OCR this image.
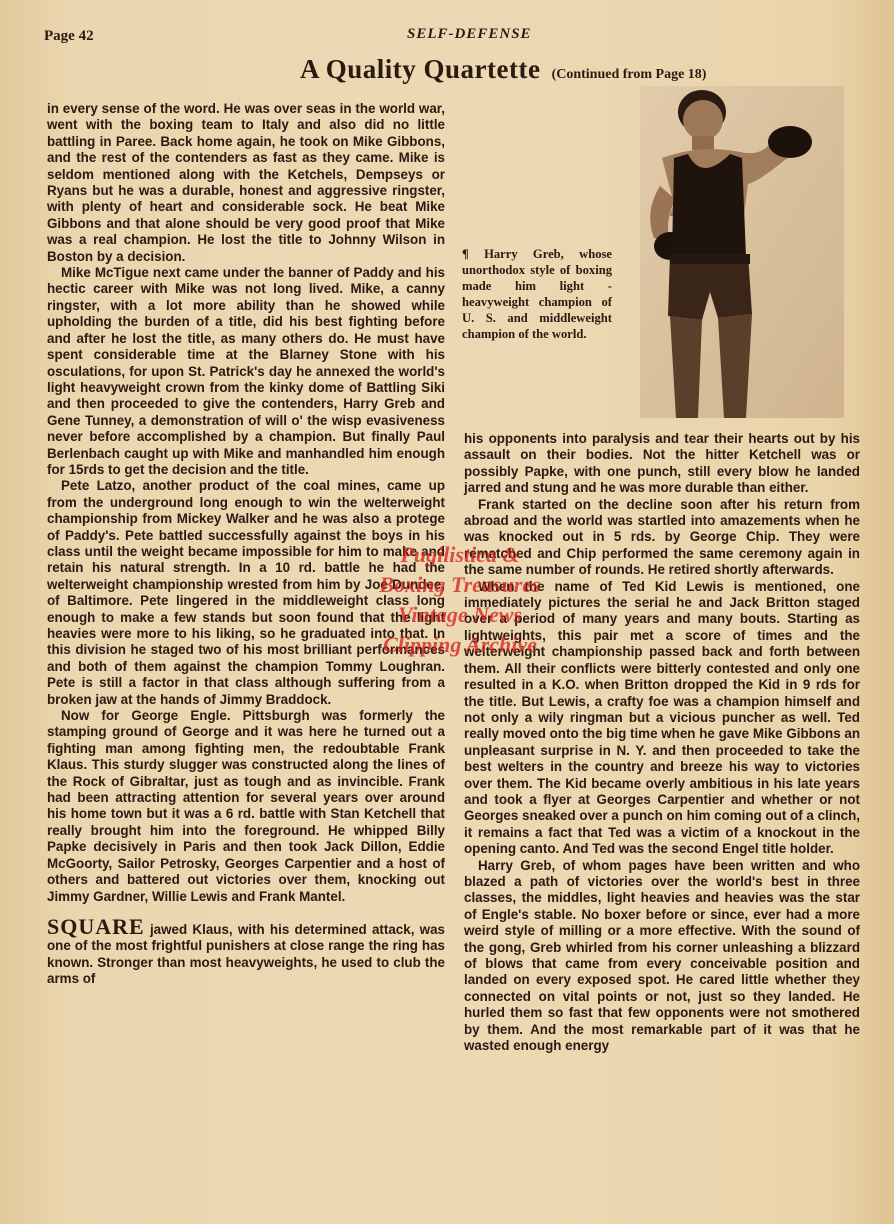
Page 42	SELF-DEFENSE
A Quality Quartette (Continued from Page 18)

in every sense of the word. He was over seas in the world war, went with the boxing team to Italy and also did no little battling in Paree. Back home again, he took on Mike Gibbons, and the rest of the contenders as fast as they came. Mike is seldom mentioned along with the Ketchels, Dempseys or Ryans but he was a durable, honest and aggressive ringster, with plenty of heart and considerable sock. He beat Mike Gibbons and that alone should be very good proof that Mike was a real champion. He lost the title to Johnny Wilson in Boston by a decision.

Mike McTigue next came under the banner of Paddy and his hectic career with Mike was not long lived. Mike, a canny ringster, with a lot more ability than he showed while upholding the burden of a title, did his best fighting before and after he lost the title, as many others do. He must have spent considerable time at the Blarney Stone with his osculations, for upon St. Patrick's day he annexed the world's light heavyweight crown from the kinky dome of Battling Siki and then proceeded to give the contenders, Harry Greb and Gene Tunney, a demonstration of will o' the wisp evasiveness never before accomplished by a champion. But finally Paul Berlenbach caught up with Mike and manhandled him enough for 15rds to get the decision and the title.

Pete Latzo, another product of the coal mines, came up from the underground long enough to win the welterweight championship from Mickey Walker and he was also a protege of Paddy's. Pete battled successfully against the boys in his class until the weight became impossible for him to make and retain his natural strength. In a 10 rd. battle he had the welterweight championship wrested from him by Joe Dundee, of Baltimore. Pete lingered in the middleweight class long enough to make a few stands but soon found that the light heavies were more to his liking, so he graduated into that. In this division he staged two of his most brilliant performances and both of them against the champion Tommy Loughran. Pete is still a factor in that class although suffering from a broken jaw at the hands of Jimmy Braddock.

Now for George Engle. Pittsburgh was formerly the stamping ground of George and it was here he turned out a fighting man among fighting men, the redoubtable Frank Klaus. This sturdy slugger was constructed along the lines of the Rock of Gibraltar, just as tough and as invincible. Frank had been attracting attention for several years over around his home town but it was a 6 rd. battle with Stan Ketchell that really brought him into the foreground. He whipped Billy Papke decisively in Paris and then took Jack Dillon, Eddie McGoorty, Sailor Petrosky, Georges Carpentier and a host of others and battered out victories over them, knocking out Jimmy Gardner, Willie Lewis and Frank Mantel.

SQUARE jawed Klaus, with his determined attack, was one of the most frightful punishers at close range the ring has known. Stronger than most heavyweights, he used to club the arms of

¶ Harry Greb, whose unorthodox style of boxing made him light - heavyweight champion of U. S. and middleweight champion of the world.

his opponents into paralysis and tear their hearts out by his assault on their bodies. Not the hitter Ketchell was or possibly Papke, with one punch, still every blow he landed jarred and stung and he was more durable than either.

Frank started on the decline soon after his return from abroad and the world was startled into amazements when he was knocked out in 5 rds. by George Chip. They were rematched and Chip performed the same ceremony again in the same number of rounds. He retired shortly afterwards.

When the name of Ted Kid Lewis is mentioned, one immediately pictures the serial he and Jack Britton staged over a period of many years and many bouts. Starting as lightweights, this pair met a score of times and the welterweight championship passed back and forth between them. All their conflicts were bitterly contested and only one resulted in a K.O. when Britton dropped the Kid in 9 rds for the title. But Lewis, a crafty foe was a champion himself and not only a wily ringman but a vicious puncher as well. Ted really moved onto the big time when he gave Mike Gibbons an unpleasant surprise in N. Y. and then proceeded to take the best welters in the country and breeze his way to victories over them. The Kid became overly ambitious in his late years and took a flyer at Georges Carpentier and whether or not Georges sneaked over a punch on him coming out of a clinch, it remains a fact that Ted was a victim of a knockout in the opening canto. And Ted was the second Engel title holder.

Harry Greb, of whom pages have been written and who blazed a path of victories over the world's best in three classes, the middles, light heavies and heavies was the star of Engle's stable. No boxer before or since, ever had a more weird style of milling or a more effective. With the sound of the gong, Greb whirled from his corner unleashing a blizzard of blows that came from every conceivable position and landed on every exposed spot. He cared little whether they connected on vital points or not, just so they landed. He hurled them so fast that few opponents were not smothered by them. And the most remarkable part of it was that he wasted enough energy

Pugilistica &
Boxing Treasures
Vintage News
Clipping Archive
